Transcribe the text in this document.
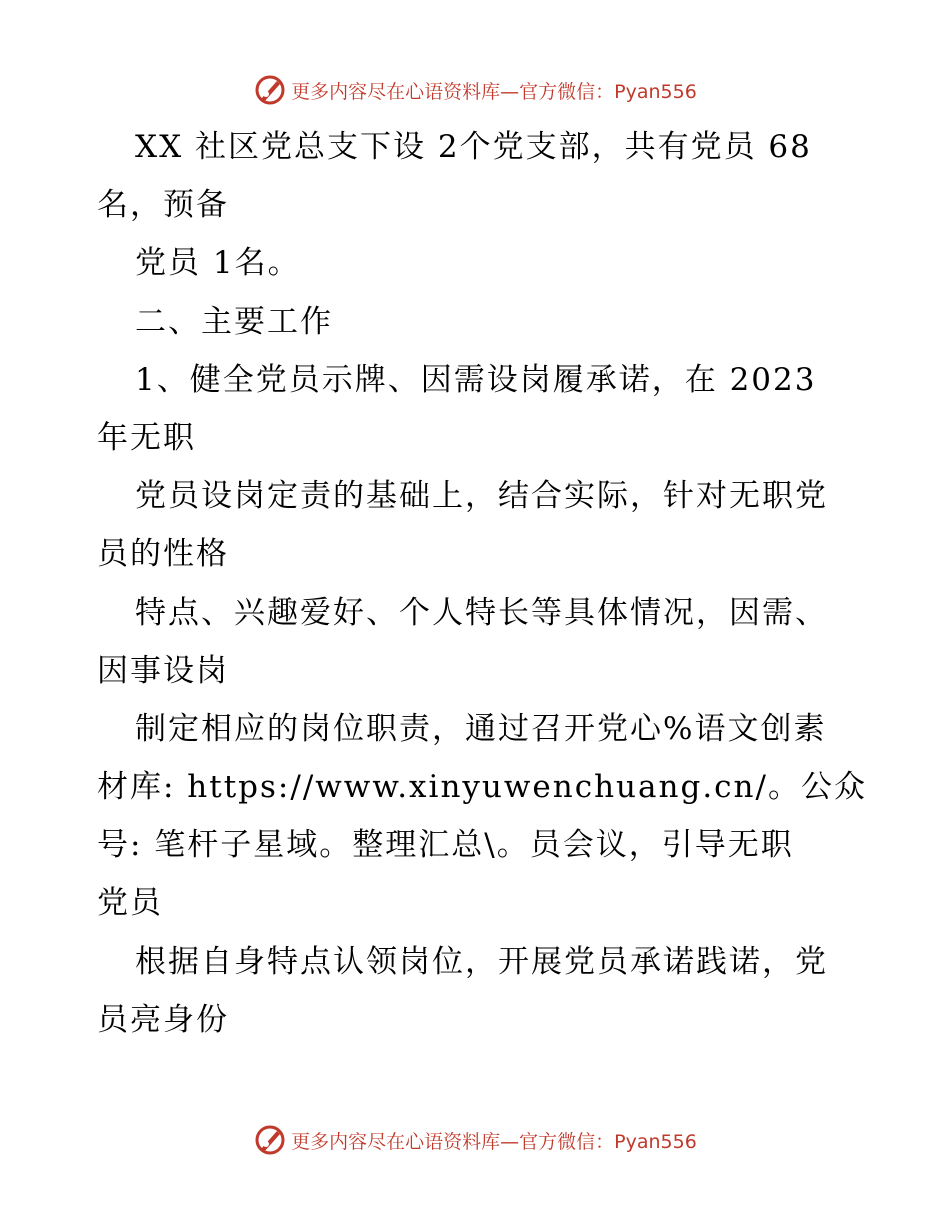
更多内容尽在心语资料库—官方微信：Pyan556
XX 社区党总支下设 2个党支部，共有党员 68
名，预备
党员 1名。
二、主要工作
1、健全党员示牌、因需设岗履承诺，在 2023
年无职
党员设岗定责的基础上，结合实际，针对无职党
员的性格
特点、兴趣爱好、个人特长等具体情况，因需、
因事设岗
制定相应的岗位职责，通过召开党心%语文创素
材库: https://www.xinyuwenchuang.cn/。公众
号: 笔杆子星域。整理汇总\。员会议，引导无职
党员
根据自身特点认领岗位，开展党员承诺践诺，党
员亮身份
更多内容尽在心语资料库—官方微信：Pyan556
